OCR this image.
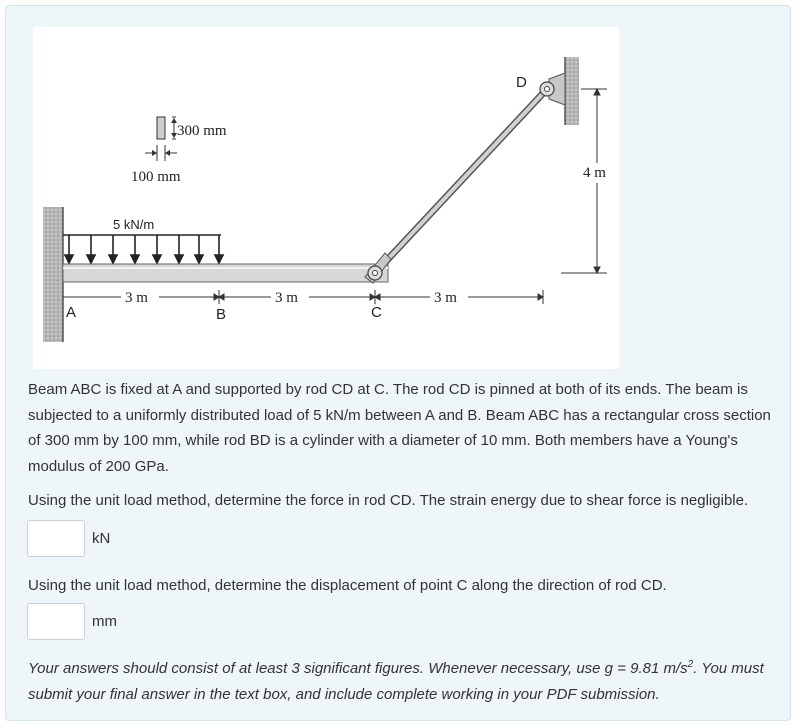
5 kN/m
300 mm
100 mm
A	B	C
D
3 m	3 m	3 m
4 m

Beam ABC is fixed at A and supported by rod CD at C. The rod CD is pinned at both of its ends. The beam is subjected to a uniformly distributed load of 5 kN/m between A and B. Beam ABC has a rectangular cross section of 300 mm by 100 mm, while rod BD is a cylinder with a diameter of 10 mm. Both members have a Young's modulus of 200 GPa.

Using the unit load method, determine the force in rod CD. The strain energy due to shear force is negligible.

kN

Using the unit load method, determine the displacement of point C along the direction of rod CD.

mm

Your answers should consist of at least 3 significant figures. Whenever necessary, use g = 9.81 $m/s^2$. You must submit your final answer in the text box, and include complete working in your PDF submission.
